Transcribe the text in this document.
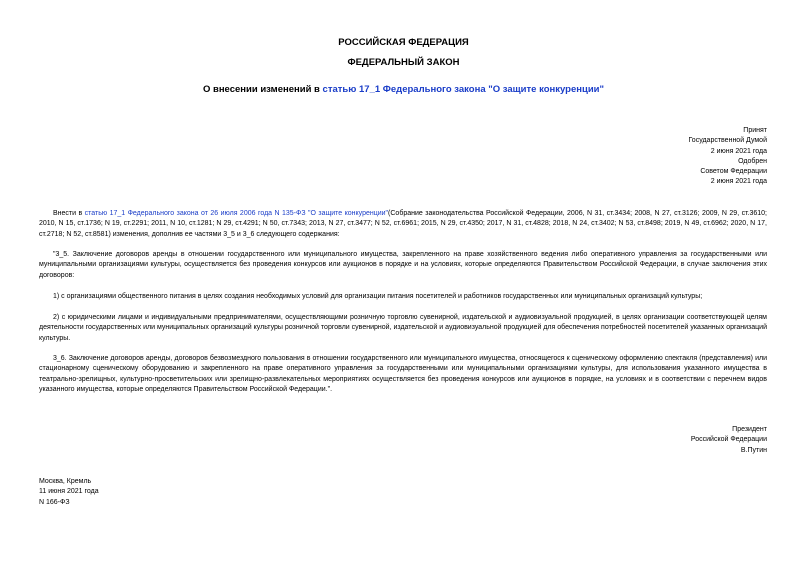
РОССИЙСКАЯ ФЕДЕРАЦИЯ
ФЕДЕРАЛЬНЫЙ ЗАКОН
О внесении изменений в статью 17_1 Федерального закона "О защите конкуренции"
Принят
Государственной Думой
2 июня 2021 года
Одобрен
Советом Федерации
2 июня 2021 года

Внести в статью 17_1 Федерального закона от 26 июля 2006 года N 135-ФЗ "О защите конкуренции"(Собрание законодательства Российской Федерации, 2006, N 31, ст.3434; 2008, N 27, ст.3126; 2009, N 29, ст.3610; 2010, N 15, ст.1736; N 19, ст.2291; 2011, N 10, ст.1281; N 29, ст.4291; N 50, ст.7343; 2013, N 27, ст.3477; N 52, ст.6961; 2015, N 29, ст.4350; 2017, N 31, ст.4828; 2018, N 24, ст.3402; N 53, ст.8498; 2019, N 49, ст.6962; 2020, N 17, ст.2718; N 52, ст.8581) изменения, дополнив ее частями 3_5 и 3_6 следующего содержания:

"3_5. Заключение договоров аренды в отношении государственного или муниципального имущества, закрепленного на праве хозяйственного ведения либо оперативного управления за государственными или муниципальными организациями культуры, осуществляется без проведения конкурсов или аукционов в порядке и на условиях, которые определяются Правительством Российской Федерации, в случае заключения этих договоров:

1) с организациями общественного питания в целях создания необходимых условий для организации питания посетителей и работников государственных или муниципальных организаций культуры;

2) с юридическими лицами и индивидуальными предпринимателями, осуществляющими розничную торговлю сувенирной, издательской и аудиовизуальной продукцией, в целях организации соответствующей целям деятельности государственных или муниципальных организаций культуры розничной торговли сувенирной, издательской и аудиовизуальной продукцией для обеспечения потребностей посетителей указанных организаций культуры.

3_6. Заключение договоров аренды, договоров безвозмездного пользования в отношении государственного или муниципального имущества, относящегося к сценическому оформлению спектакля (представления) или стационарному сценическому оборудованию и закрепленного на праве оперативного управления за государственными или муниципальными организациями культуры, для использования указанного имущества в театрально-зрелищных, культурно-просветительских или зрелищно-развлекательных мероприятиях осуществляется без проведения конкурсов или аукционов в порядке, на условиях и в соответствии с перечнем видов указанного имущества, которые определяются Правительством Российской Федерации.".

Президент
Российской Федерации
В.Путин
Москва, Кремль
11 июня 2021 года
N 166-ФЗ
